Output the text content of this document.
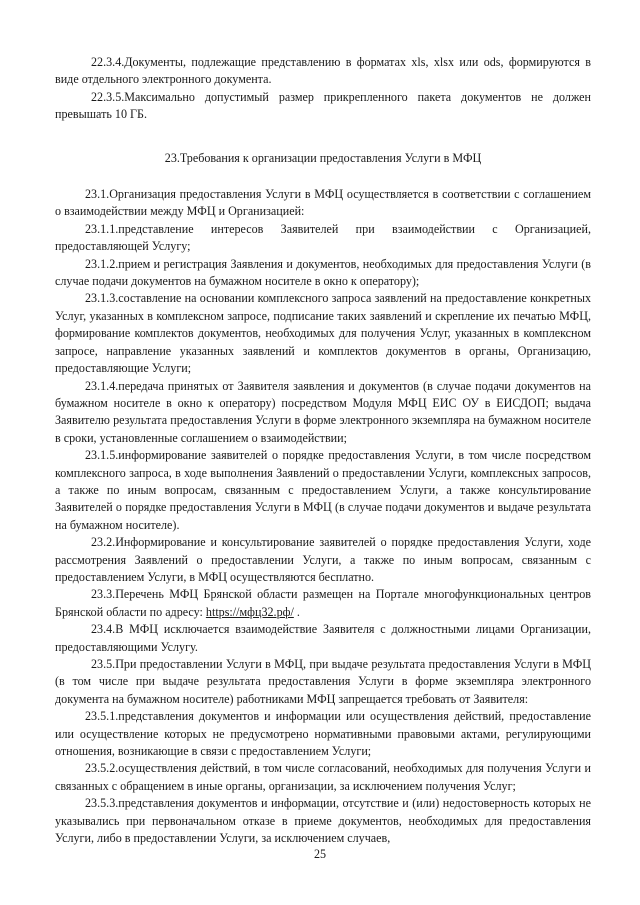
22.3.4.Документы, подлежащие представлению в форматах xls, xlsx или ods, формируются в виде отдельного электронного документа.

22.3.5.Максимально допустимый размер прикрепленного пакета документов не должен превышать 10 ГБ.

23.Требования к организации предоставления Услуги в МФЦ

23.1.Организация предоставления Услуги в МФЦ осуществляется в соответствии с соглашением о взаимодействии между МФЦ и Организацией:

23.1.1.представление интересов Заявителей при взаимодействии с Организацией, предоставляющей Услугу;

23.1.2.прием и регистрация Заявления и документов, необходимых для предоставления Услуги (в случае подачи документов на бумажном носителе в окно к оператору);

23.1.3.составление на основании комплексного запроса заявлений на предоставление конкретных Услуг, указанных в комплексном запросе, подписание таких заявлений и скрепление их печатью МФЦ, формирование комплектов документов, необходимых для получения Услуг, указанных в комплексном запросе, направление указанных заявлений и комплектов документов в органы, Организацию, предоставляющие Услуги;

23.1.4.передача принятых от Заявителя заявления и документов (в случае подачи документов на бумажном носителе в окно к оператору) посредством Модуля МФЦ ЕИС ОУ в ЕИСДОП; выдача Заявителю результата предоставления Услуги в форме электронного экземпляра на бумажном носителе в сроки, установленные соглашением о взаимодействии;

23.1.5.информирование заявителей о порядке предоставления Услуги, в том числе посредством комплексного запроса, в ходе выполнения Заявлений о предоставлении Услуги, комплексных запросов, а также по иным вопросам, связанным с предоставлением Услуги, а также консультирование Заявителей о порядке предоставления Услуги в МФЦ (в случае подачи документов и выдаче результата на бумажном носителе).

23.2.Информирование и консультирование заявителей о порядке предоставления Услуги, ходе рассмотрения Заявлений о предоставлении Услуги, а также по иным вопросам, связанным с предоставлением Услуги, в МФЦ осуществляются бесплатно.

23.3.Перечень МФЦ Брянской области размещен на Портале многофункциональных центров Брянской области по адресу: https://мфц32.рф/ .

23.4.В МФЦ исключается взаимодействие Заявителя с должностными лицами Организации, предоставляющими Услугу.

23.5.При предоставлении Услуги в МФЦ, при выдаче результата предоставления Услуги в МФЦ (в том числе при выдаче результата предоставления Услуги в форме экземпляра электронного документа на бумажном носителе) работниками МФЦ запрещается требовать от Заявителя:

23.5.1.представления документов и информации или осуществления действий, предоставление или осуществление которых не предусмотрено нормативными правовыми актами, регулирующими отношения, возникающие в связи с предоставлением Услуги;

23.5.2.осуществления действий, в том числе согласований, необходимых для получения Услуги и связанных с обращением в иные органы, организации, за исключением получения Услуг;

23.5.3.представления документов и информации, отсутствие и (или) недостоверность которых не указывались при первоначальном отказе в приеме документов, необходимых для предоставления Услуги, либо в предоставлении Услуги, за исключением случаев,

25
